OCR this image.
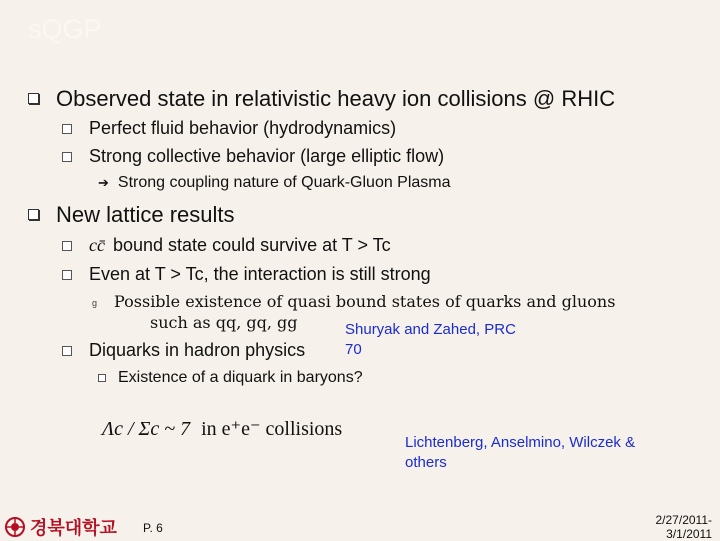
sQGP
Observed state in relativistic heavy ion collisions @ RHIC
Perfect fluid behavior (hydrodynamics)
Strong collective behavior (large elliptic flow)
➔ Strong coupling nature of Quark-Gluon Plasma
New lattice results
cc̄ bound state could survive at T > Tc
Even at T > Tc, the interaction is still strong
g Possible existence of quasi bound states of quarks and gluons
such as qq, gq, gg	Shuryak and Zahed, PRC
70
Diquarks in hadron physics
Existence of a diquark in baryons?
Λc / Σc ~ 7 in e⁺e⁻ collisions
Lichtenberg, Anselmino, Wilczek &
others
경북대학교 P. 6
2/27/2011-
3/1/2011
